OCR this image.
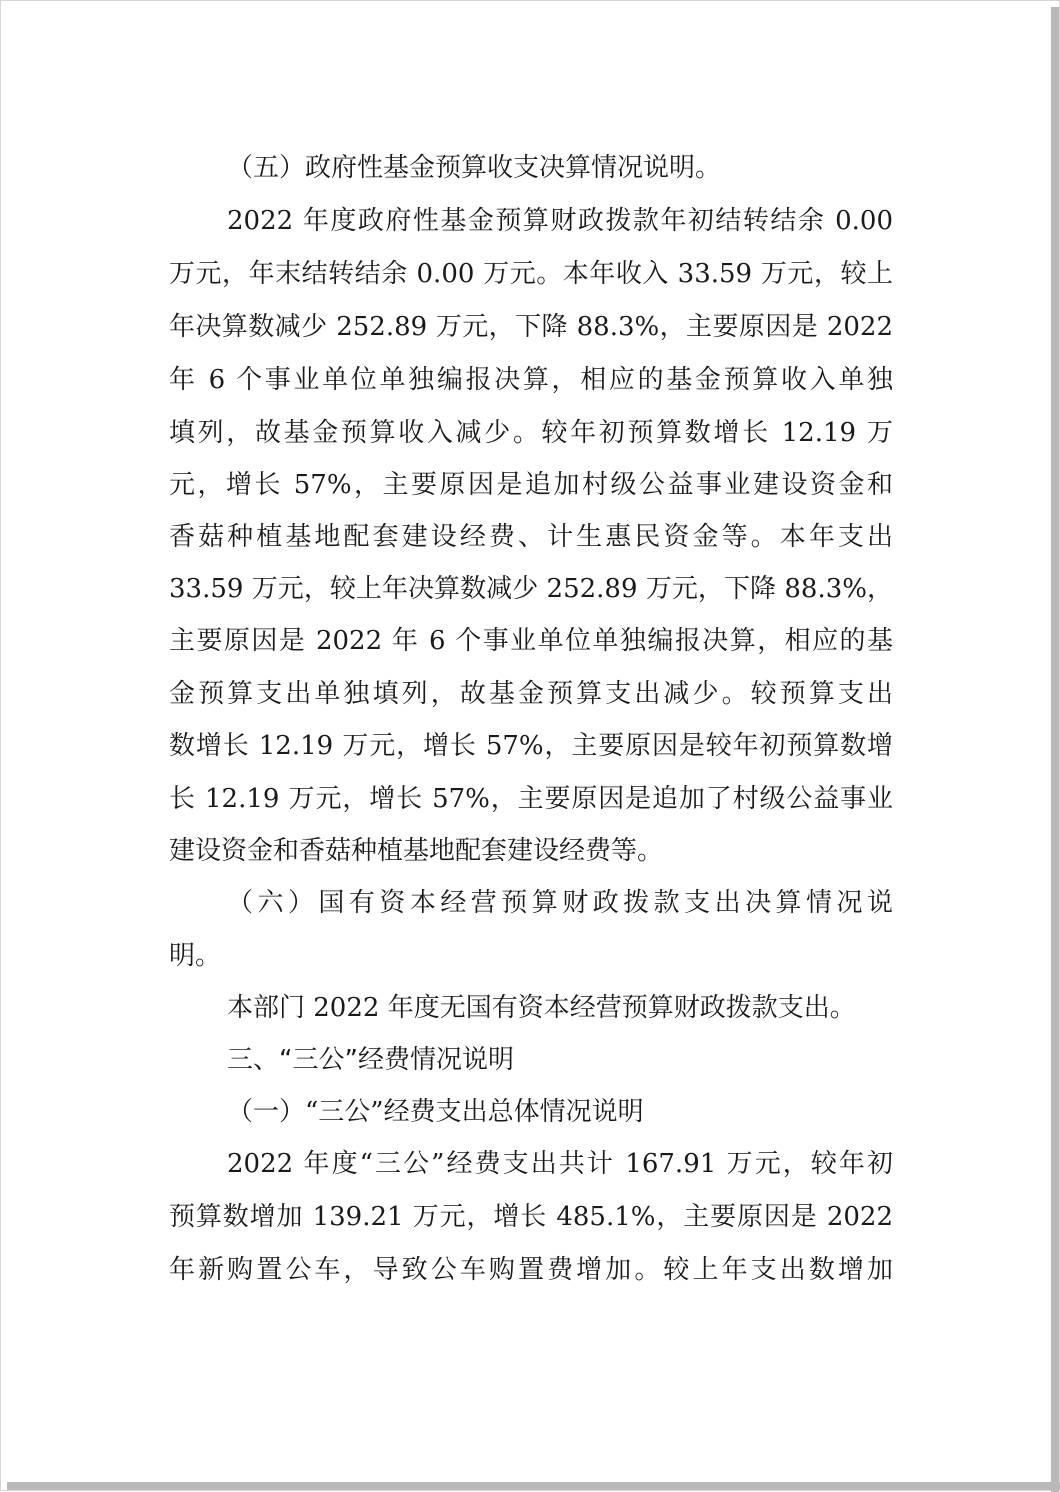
（五）政府性基金预算收支决算情况说明。
2022 年度政府性基金预算财政拨款年初结转结余 0.00
万元，年末结转结余 0.00 万元。本年收入 33.59 万元，较上
年决算数减少 252.89 万元，下降 88.3%，主要原因是 2022
年 6 个事业单位单独编报决算，相应的基金预算收入单独
填列，故基金预算收入减少。较年初预算数增长 12.19 万
元，增长 57%，主要原因是追加村级公益事业建设资金和
香菇种植基地配套建设经费、计生惠民资金等。本年支出
33.59 万元，较上年决算数减少 252.89 万元，下降 88.3%，
主要原因是 2022 年 6 个事业单位单独编报决算，相应的基
金预算支出单独填列，故基金预算支出减少。较预算支出
数增长 12.19 万元，增长 57%，主要原因是较年初预算数增
长 12.19 万元，增长 57%，主要原因是追加了村级公益事业
建设资金和香菇种植基地配套建设经费等。
（六）国有资本经营预算财政拨款支出决算情况说
明。
本部门 2022 年度无国有资本经营预算财政拨款支出。
三、“三公”经费情况说明
（一）“三公”经费支出总体情况说明
2022 年度“三公”经费支出共计 167.91 万元，较年初
预算数增加 139.21 万元，增长 485.1%，主要原因是 2022
年新购置公车，导致公车购置费增加。较上年支出数增加
